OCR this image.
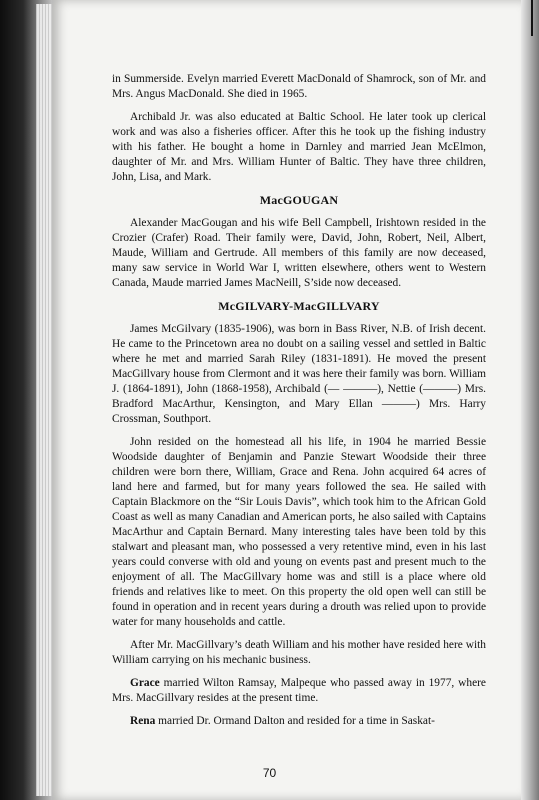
in Summerside. Evelyn married Everett MacDonald of Shamrock, son of Mr. and Mrs. Angus MacDonald. She died in 1965.

Archibald Jr. was also educated at Baltic School. He later took up clerical work and was also a fisheries officer. After this he took up the fishing industry with his father. He bought a home in Darnley and married Jean McElmon, daughter of Mr. and Mrs. William Hunter of Baltic. They have three children, John, Lisa, and Mark.

MacGOUGAN

Alexander MacGougan and his wife Bell Campbell, Irishtown resided in the Crozier (Crafer) Road. Their family were, David, John, Robert, Neil, Albert, Maude, William and Gertrude. All members of this family are now deceased, many saw service in World War I, written elsewhere, others went to Western Canada, Maude married James MacNeill, S’side now deceased.

McGILVARY-MacGILLVARY

James McGilvary (1835-1906), was born in Bass River, N.B. of Irish decent. He came to the Princetown area no doubt on a sailing vessel and settled in Baltic where he met and married Sarah Riley (1831-1891). He moved the present MacGillvary house from Clermont and it was here their family was born. William J. (1864-1891), John (1868-1958), Archibald (— ———), Nettie (———) Mrs. Bradford MacArthur, Kensington, and Mary Ellan ———) Mrs. Harry Crossman, Southport.

John resided on the homestead all his life, in 1904 he married Bessie Woodside daughter of Benjamin and Panzie Stewart Woodside their three children were born there, William, Grace and Rena. John acquired 64 acres of land here and farmed, but for many years followed the sea. He sailed with Captain Blackmore on the “Sir Louis Davis”, which took him to the African Gold Coast as well as many Canadian and American ports, he also sailed with Captains MacArthur and Captain Bernard. Many interesting tales have been told by this stalwart and pleasant man, who possessed a very retentive mind, even in his last years could converse with old and young on events past and present much to the enjoyment of all. The MacGillvary home was and still is a place where old friends and relatives like to meet. On this property the old open well can still be found in operation and in recent years during a drouth was relied upon to provide water for many households and cattle.

After Mr. MacGillvary’s death William and his mother have resided here with William carrying on his mechanic business.

Grace married Wilton Ramsay, Malpeque who passed away in 1977, where Mrs. MacGillvary resides at the present time.

Rena married Dr. Ormand Dalton and resided for a time in Saskat-

70
